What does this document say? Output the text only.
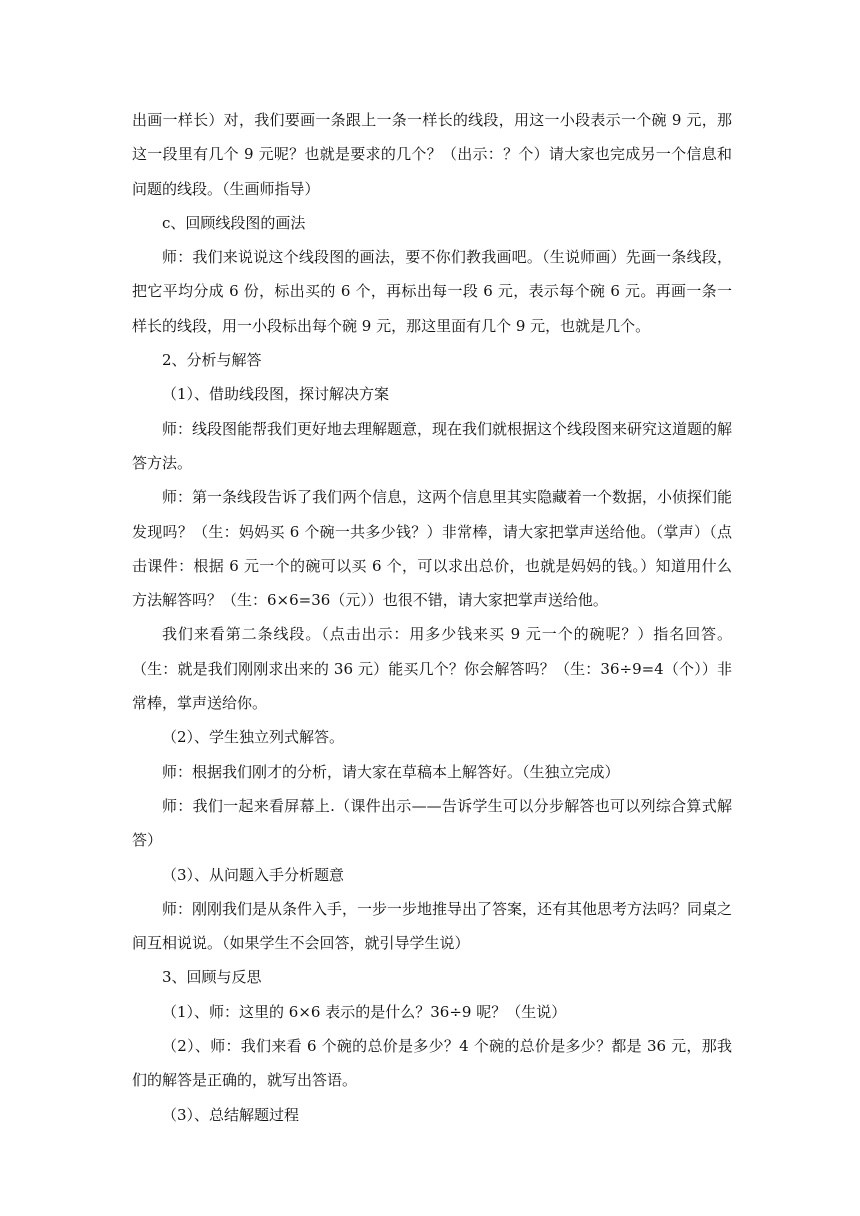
出画一样长）对，我们要画一条跟上一条一样长的线段，用这一小段表示一个碗 9 元，那这一段里有几个 9 元呢？也就是要求的几个？（出示：？个）请大家也完成另一个信息和问题的线段。（生画师指导）

c、回顾线段图的画法

师：我们来说说这个线段图的画法，要不你们教我画吧。（生说师画）先画一条线段，把它平均分成 6 份，标出买的 6 个，再标出每一段 6 元，表示每个碗 6 元。再画一条一样长的线段，用一小段标出每个碗 9 元，那这里面有几个 9 元，也就是几个。

2、分析与解答

（1）、借助线段图，探讨解决方案

师：线段图能帮我们更好地去理解题意，现在我们就根据这个线段图来研究这道题的解答方法。

师：第一条线段告诉了我们两个信息，这两个信息里其实隐藏着一个数据，小侦探们能发现吗？（生：妈妈买 6 个碗一共多少钱？）非常棒，请大家把掌声送给他。（掌声）（点击课件：根据 6 元一个的碗可以买 6 个，可以求出总价，也就是妈妈的钱。）知道用什么方法解答吗？（生：6×6=36（元））也很不错，请大家把掌声送给他。

我们来看第二条线段。（点击出示：用多少钱来买 9 元一个的碗呢？）指名回答。（生：就是我们刚刚求出来的 36 元）能买几个？你会解答吗？（生：36÷9=4（个））非常棒，掌声送给你。

（2）、学生独立列式解答。

师：根据我们刚才的分析，请大家在草稿本上解答好。（生独立完成）

师：我们一起来看屏幕上.（课件出示——告诉学生可以分步解答也可以列综合算式解答）

（3）、从问题入手分析题意

师：刚刚我们是从条件入手，一步一步地推导出了答案，还有其他思考方法吗？同桌之间互相说说。（如果学生不会回答，就引导学生说）

3、回顾与反思

（1）、师：这里的 6×6 表示的是什么？36÷9 呢？（生说）

（2）、师：我们来看 6 个碗的总价是多少？4 个碗的总价是多少？都是 36 元，那我们的解答是正确的，就写出答语。

（3）、总结解题过程
